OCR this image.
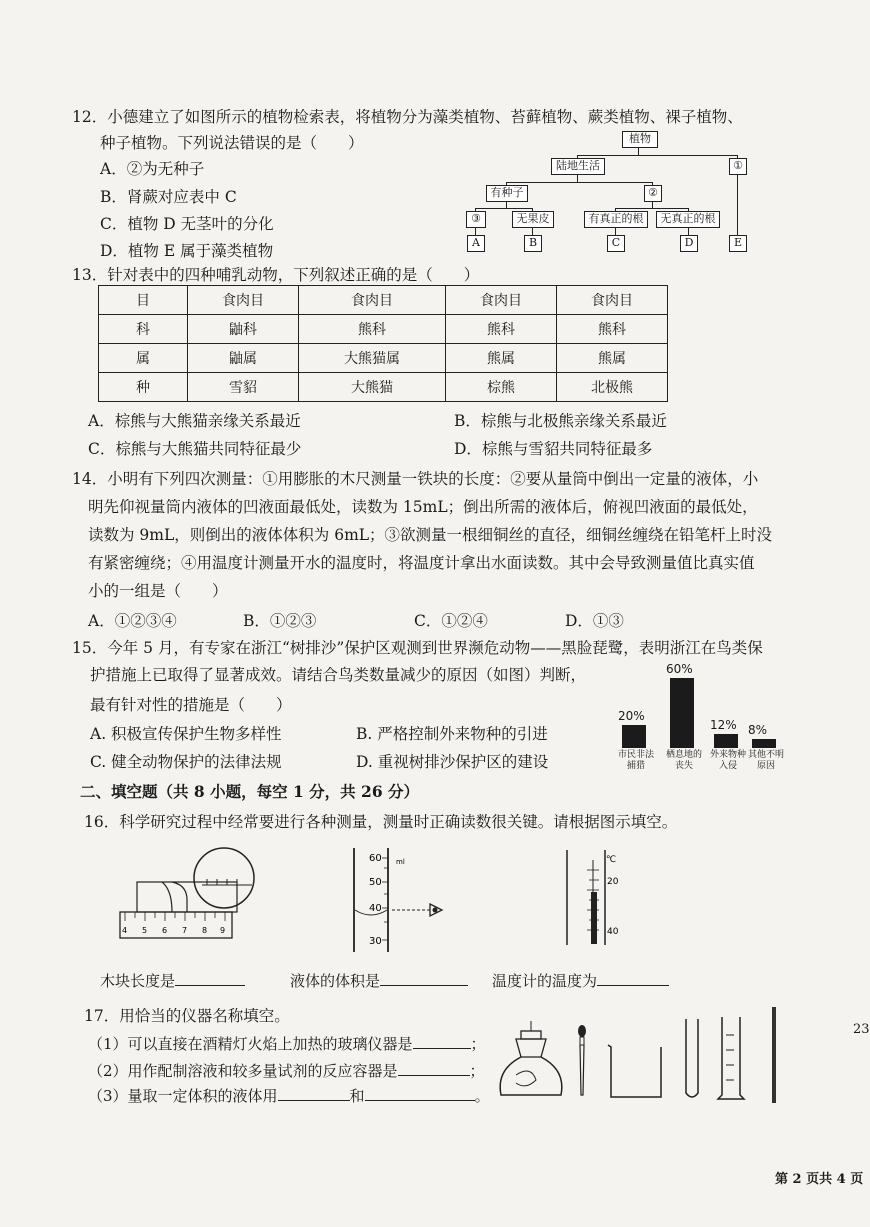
12．小德建立了如图所示的植物检索表，将植物分为藻类植物、苔藓植物、蕨类植物、裸子植物、
种子植物。下列说法错误的是（　　）
A．②为无种子
B．肾蕨对应表中 C
C．植物 D 无茎叶的分化
D．植物 E 属于藻类植物
植物
陆地生活	①
有种子	②
③	无果皮	有真正的根	无真正的根
A	B	C	D	E
13．针对表中的四种哺乳动物，下列叙述正确的是（　　）
目	食肉目	食肉目	食肉目	食肉目
科	鼬科	熊科	熊科	熊科
属	鼬属	大熊猫属	熊属	熊属
种	雪貂	大熊猫	棕熊	北极熊
A．棕熊与大熊猫亲缘关系最近	B．棕熊与北极熊亲缘关系最近
C．棕熊与大熊猫共同特征最少	D．棕熊与雪貂共同特征最多
14．小明有下列四次测量：①用膨胀的木尺测量一铁块的长度：②要从量筒中倒出一定量的液体，小
明先仰视量筒内液体的凹液面最低处，读数为 15mL；倒出所需的液体后，俯视凹液面的最低处，
读数为 9mL，则倒出的液体体积为 6mL；③欲测量一根细铜丝的直径，细铜丝缠绕在铅笔杆上时没
有紧密缠绕；④用温度计测量开水的温度时，将温度计拿出水面读数。其中会导致测量值比真实值
小的一组是（　　）
A．①②③④	B．①②③	C．①②④	D．①③
15．今年 5 月，有专家在浙江“树排沙”保护区观测到世界濒危动物——黑脸琵鹭，表明浙江在鸟类保
护措施上已取得了显著成效。请结合鸟类数量减少的原因（如图）判断，
最有针对性的措施是（　　）
A. 积极宣传保护生物多样性	B. 严格控制外来物种的引进
C. 健全动物保护的法律法规	D. 重视树排沙保护区的建设
20%
市民非法捕猎
60%
栖息地的丧失
12%
外来物种入侵
8%
其他不明原因
二、填空题（共 8 小题，每空 1 分，共 26 分）
16．科学研究过程中经常要进行各种测量，测量时正确读数很关键。请根据图示填空。
4 5 6 7 8 9
60
50
40
30
ml	℃
20
40
木块长度是	液体的体积是	温度计的温度为
17．用恰当的仪器名称填空。
（1）可以直接在酒精灯火焰上加热的玻璃仪器是	；
（2）用作配制溶液和较多量试剂的反应容器是	；
（3）量取一定体积的液体用	和	。
第 2 页共 4 页
23
